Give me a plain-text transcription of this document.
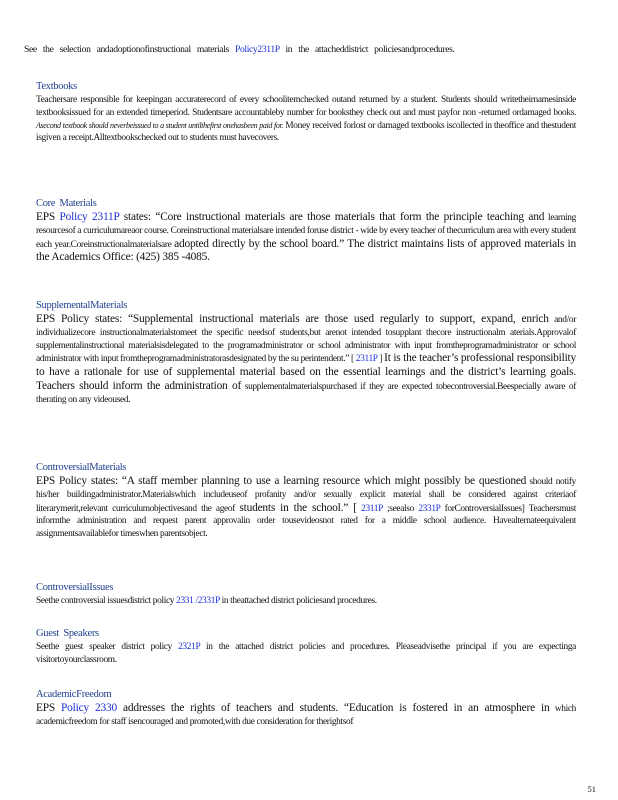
See the selection andadoptionofinstructional materials Policy2311P in the attacheddistrict policiesandprocedures.
Textbooks
Teachersare responsible for keepingan accuraterecord of every schoolitemchecked outand returned by a student. Students should writetheirnamesinside textbooksissued for an extended timeperiod. Studentsare accountableby number for booksthey check out and must payfor non -returned ordamaged books. Asecond textbook should neverbeissued to a student untilthefirst onehasbeen paid for. Money received forlost or damaged textbooks iscollected in theoffice and thestudent isgiven a receipt.Alltextbookschecked out to students must havecovers.
Core Materials
EPS Policy 2311P states: “Core instructional materials are those materials that form the principle teaching and learning resourcesof a curriculumareaor course. Coreinstructional materialsare intended foruse district - wide by every teacher of thecurriculum area with every student each year.Coreinstructionalmaterialsare adopted directly by the school board.” The district maintains lists of approved materials in the Academics Office: (425) 385 -4085.
SupplementalMaterials
EPS Policy states: “Supplemental instructional materials are those used regularly to support, expand, enrich and/or individualizecore instructionalmaterialstomeet the specific needsof students,but arenot intended tosupplant thecore instructionalm aterials.Approvalof supplementalinstructional materialsisdelegated to the programadministrator or school administrator with input fromtheprogramadministrator or school administrator with input fromtheprogramadministratorasdesignated by the su perintendent.” [ 2311P ] It is the teacher’s professional responsibility to have a rationale for use of supplemental material based on the essential learnings and the district’s learning goals. Teachers should inform the administration of supplementalmaterialspurchased if they are expected tobecontroversial.Beespecially aware of therating on any videoused.
ControversialMaterials
EPS Policy states: “A staff member planning to use a learning resource which might possibly be questioned should notify his/her buildingadministrator.Materialswhich includeuseof profanity and/or sexually explicit material shall be considered against criteriaof literarymerit,relevant curriculumobjectivesand the ageof students in the school.” [ 2311P ;seealso 2331P forControversialIssues] Teachersmust informthe administration and request parent approvalin order tousevideosnot rated for a middle school audience. Havealternateequivalent assignmentsavailablefor timeswhen parentsobject.
ControversialIssues
Seethe controversial issuesdistrict policy 2331 /2331P in theattached district policiesand procedures.
Guest Speakers
Seethe guest speaker district policy 2321P in the attached district policies and procedures. Pleaseadvisethe principal if you are expectinga visitortoyourclassroom.
AcademicFreedom
EPS Policy 2330 addresses the rights of teachers and students. “Education is fostered in an atmosphere in which academicfreedom for staff isencouraged and promoted,with due consideration for therightsof
51
